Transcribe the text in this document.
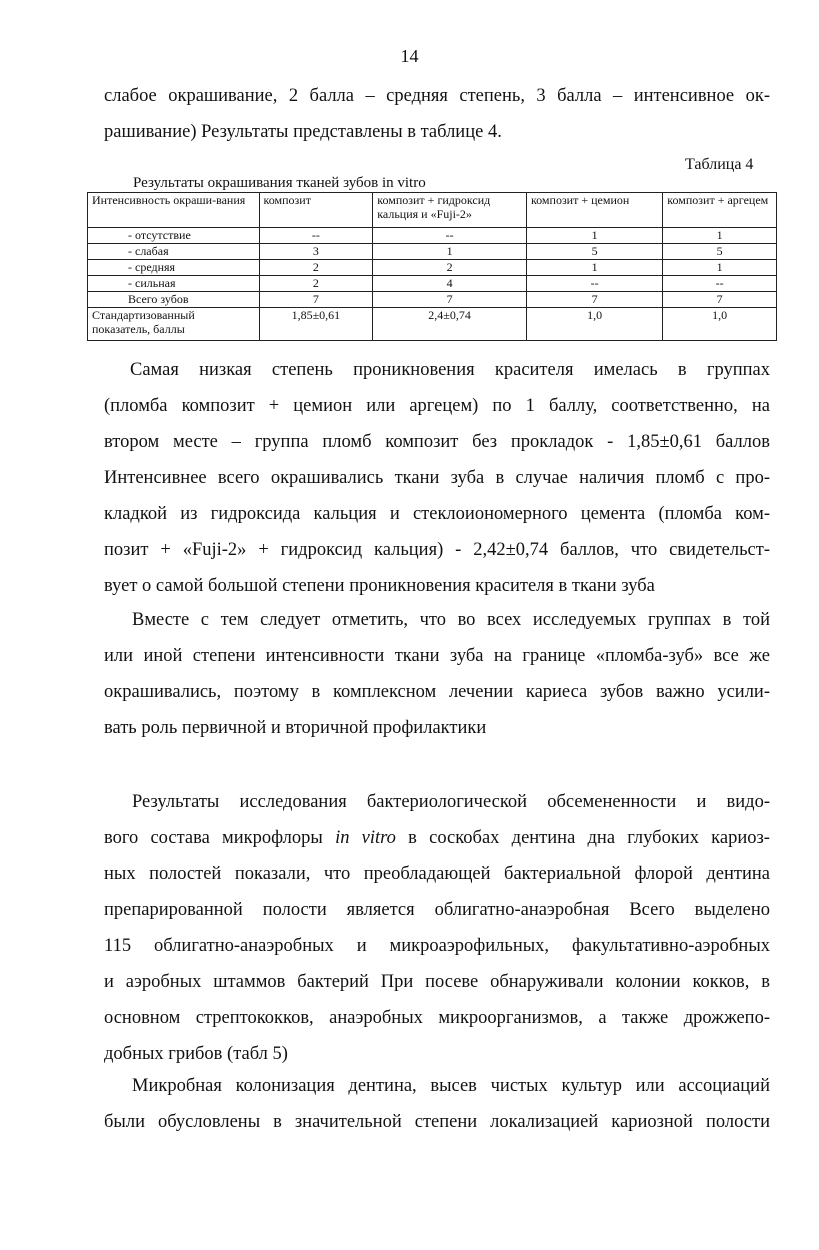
14

слабое окрашивание, 2 балла – средняя степень, 3 балла – интенсивное ок-
рашивание) Результаты представлены в таблице 4.

Таблица 4
Результаты окрашивания тканей зубов in vitro
Интенсивность окраши-вания	композит	композит + гидроксид кальция и «Fuji-2»	композит + цемион	композит + аргецем
- отсутствие	--	--	1	1
- слабая	3	1	5	5
- средняя	2	2	1	1
- сильная	2	4	--	--
Всего зубов	7	7	7	7
Стандартизованный показатель, баллы	1,85±0,61	2,4±0,74	1,0	1,0

Самая низкая степень проникновения красителя имелась в группах
(пломба композит + цемион или аргецем) по 1 баллу, соответственно, на
втором месте – группа пломб композит без прокладок - 1,85±0,61 баллов
Интенсивнее всего окрашивались ткани зуба в случае наличия пломб с про-
кладкой из гидроксида кальция и стеклоиономерного цемента (пломба ком-
позит + «Fuji-2» + гидроксид кальция) - 2,42±0,74 баллов, что свидетельст-
вует о самой большой степени проникновения красителя в ткани зуба

Вместе с тем следует отметить, что во всех исследуемых группах в той
или иной степени интенсивности ткани зуба на границе «пломба-зуб» все же
окрашивались, поэтому в комплексном лечении кариеса зубов важно усили-
вать роль первичной и вторичной профилактики

Результаты исследования бактериологической обсемененности и видо-
вого состава микрофлоры in vitro в соскобах дентина дна глубоких кариоз-
ных полостей показали, что преобладающей бактериальной флорой дентина
препарированной полости является облигатно-анаэробная Всего выделено
115 облигатно-анаэробных и микроаэрофильных, факультативно-аэробных
и аэробных штаммов бактерий При посеве обнаруживали колонии кокков, в
основном стрептококков, анаэробных микроорганизмов, а также дрожжепо-
добных грибов (табл 5)

Микробная колонизация дентина, высев чистых культур или ассоциаций
были обусловлены в значительной степени локализацией кариозной полости
